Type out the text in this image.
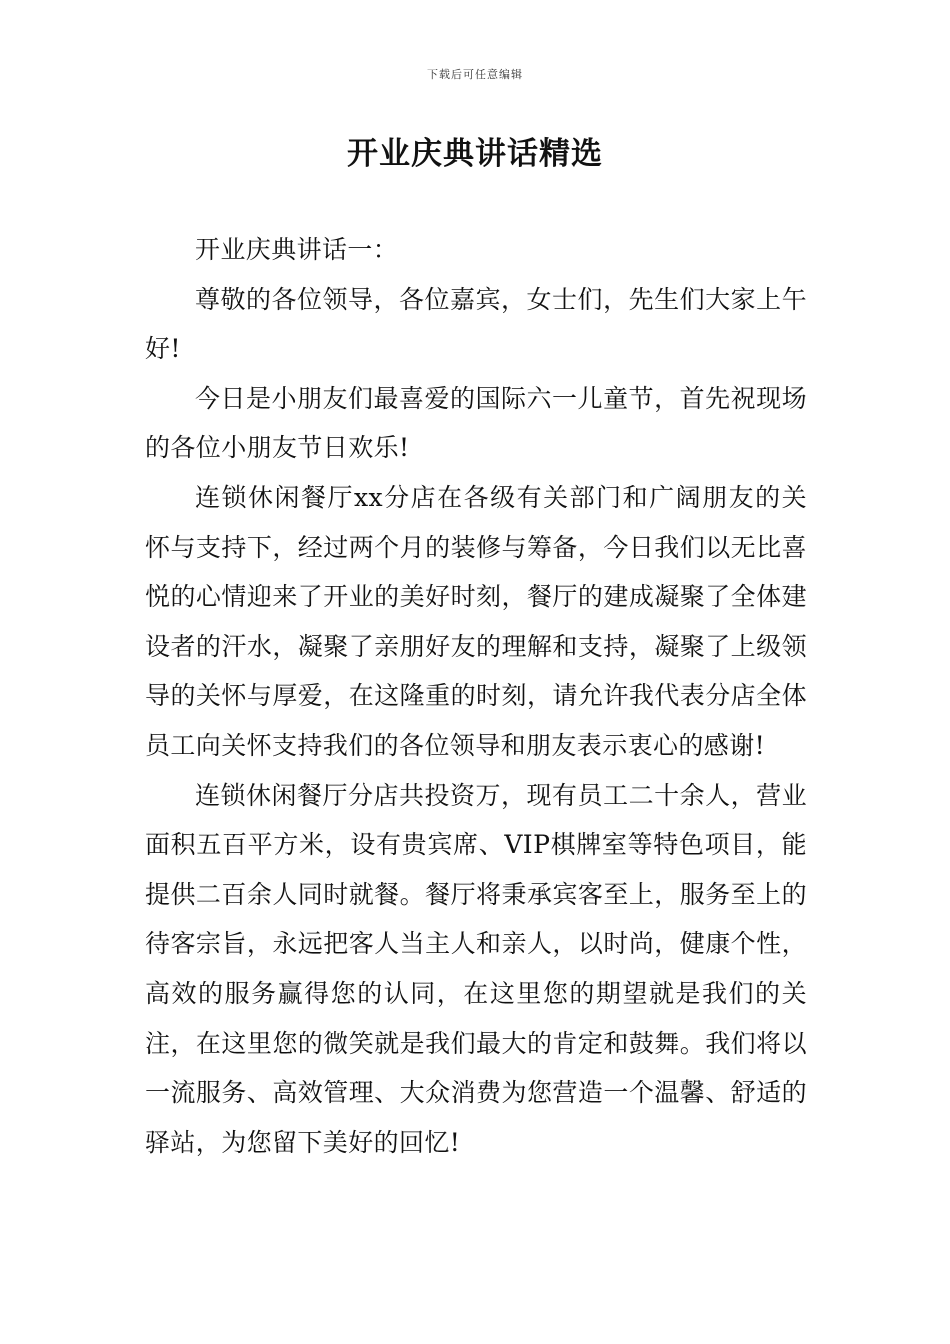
下载后可任意编辑
开业庆典讲话精选

开业庆典讲话一：

尊敬的各位领导，各位嘉宾，女士们，先生们大家上午好!

今日是小朋友们最喜爱的国际六一儿童节，首先祝现场的各位小朋友节日欢乐!

连锁休闲餐厅xx分店在各级有关部门和广阔朋友的关怀与支持下，经过两个月的装修与筹备，今日我们以无比喜悦的心情迎来了开业的美好时刻，餐厅的建成凝聚了全体建设者的汗水，凝聚了亲朋好友的理解和支持，凝聚了上级领导的关怀与厚爱，在这隆重的时刻，请允许我代表分店全体员工向关怀支持我们的各位领导和朋友表示衷心的感谢!

连锁休闲餐厅分店共投资万，现有员工二十余人，营业面积五百平方米，设有贵宾席、VIP棋牌室等特色项目，能提供二百余人同时就餐。餐厅将秉承宾客至上，服务至上的待客宗旨，永远把客人当主人和亲人，以时尚，健康个性，高效的服务赢得您的认同，在这里您的期望就是我们的关注，在这里您的微笑就是我们最大的肯定和鼓舞。我们将以一流服务、高效管理、大众消费为您营造一个温馨、舒适的驿站，为您留下美好的回忆!
